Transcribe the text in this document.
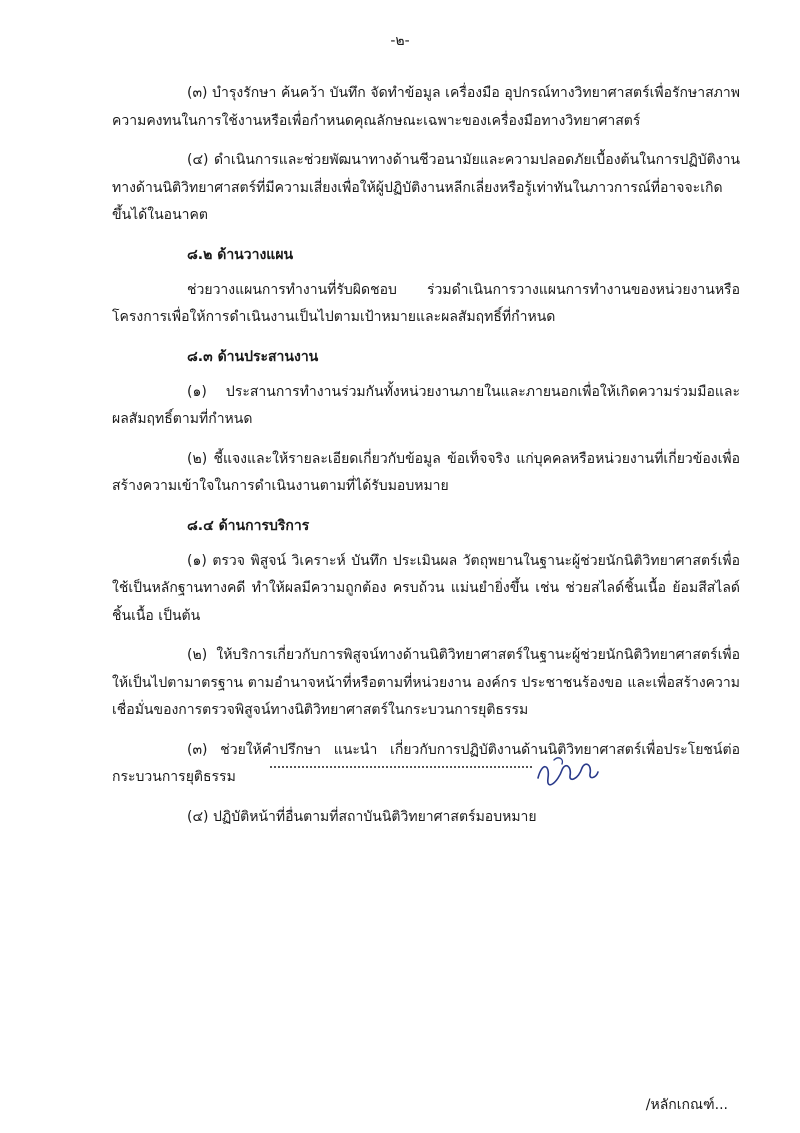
-๒-

(๓) บำรุงรักษา ค้นคว้า บันทึก จัดทำข้อมูล เครื่องมือ อุปกรณ์ทางวิทยาศาสตร์เพื่อรักษาสภาพความคงทนในการใช้งานหรือเพื่อกำหนดคุณลักษณะเฉพาะของเครื่องมือทางวิทยาศาสตร์

(๔) ดำเนินการและช่วยพัฒนาทางด้านชีวอนามัยและความปลอดภัยเบื้องต้นในการปฏิบัติงานทางด้านนิติวิทยาศาสตร์ที่มีความเสี่ยงเพื่อให้ผู้ปฏิบัติงานหลีกเลี่ยงหรือรู้เท่าทันในภาวการณ์ที่อาจจะเกิดขึ้นได้ในอนาคต

๘.๒ ด้านวางแผน

ช่วยวางแผนการทำงานที่รับผิดชอบ ร่วมดำเนินการวางแผนการทำงานของหน่วยงานหรือโครงการเพื่อให้การดำเนินงานเป็นไปตามเป้าหมายและผลสัมฤทธิ์ที่กำหนด

๘.๓ ด้านประสานงาน

(๑) ประสานการทำงานร่วมกันทั้งหน่วยงานภายในและภายนอกเพื่อให้เกิดความร่วมมือและผลสัมฤทธิ์ตามที่กำหนด

(๒) ชี้แจงและให้รายละเอียดเกี่ยวกับข้อมูล ข้อเท็จจริง แก่บุคคลหรือหน่วยงานที่เกี่ยวข้องเพื่อสร้างความเข้าใจในการดำเนินงานตามที่ได้รับมอบหมาย

๘.๔ ด้านการบริการ

(๑) ตรวจ พิสูจน์ วิเคราะห์ บันทึก ประเมินผล วัตถุพยานในฐานะผู้ช่วยนักนิติวิทยาศาสตร์เพื่อใช้เป็นหลักฐานทางคดี ทำให้ผลมีความถูกต้อง ครบถ้วน แม่นยำยิ่งขึ้น เช่น ช่วยสไลด์ชิ้นเนื้อ ย้อมสีสไลด์ชิ้นเนื้อ เป็นต้น

(๒) ให้บริการเกี่ยวกับการพิสูจน์ทางด้านนิติวิทยาศาสตร์ในฐานะผู้ช่วยนักนิติวิทยาศาสตร์เพื่อให้เป็นไปตามาตรฐาน ตามอำนาจหน้าที่หรือตามที่หน่วยงาน องค์กร ประชาชนร้องขอ และเพื่อสร้างความเชื่อมั่นของการตรวจพิสูจน์ทางนิติวิทยาศาสตร์ในกระบวนการยุติธรรม

(๓) ช่วยให้คำปรึกษา แนะนำ เกี่ยวกับการปฏิบัติงานด้านนิติวิทยาศาสตร์เพื่อประโยชน์ต่อกระบวนการยุติธรรม

(๔) ปฏิบัติหน้าที่อื่นตามที่สถาบันนิติวิทยาศาสตร์มอบหมาย

/หลักเกณฑ์...
